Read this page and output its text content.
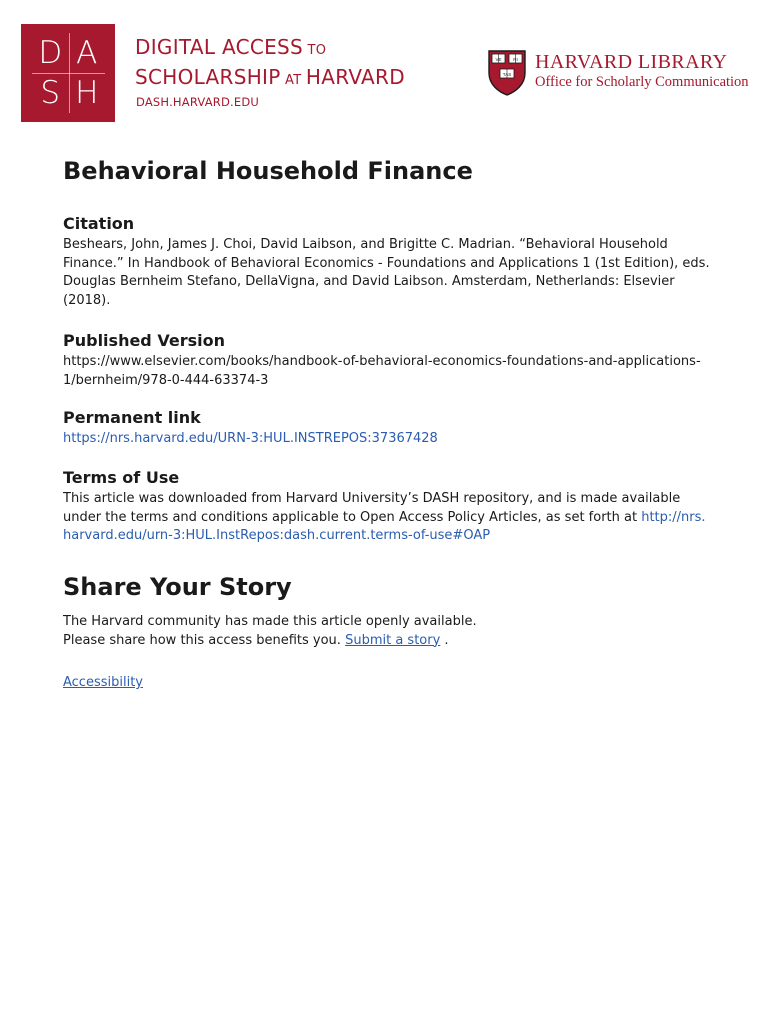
D A
S H
DIGITAL ACCESS TO
SCHOLARSHIP AT HARVARD
DASH.HARVARD.EDU
VE	RI
TAS
HARVARD LIBRARY
Office for Scholarly Communication
Behavioral Household Finance
Citation

Beshears, John, James J. Choi, David Laibson, and Brigitte C. Madrian. “Behavioral Household Finance.” In Handbook of Behavioral Economics - Foundations and Applications 1 (1st Edition), eds. Douglas Bernheim Stefano, DellaVigna, and David Laibson. Amsterdam, Netherlands: Elsevier (2018).

Published Version

https://www.elsevier.com/books/handbook-of-behavioral-economics-foundations-and-applications-1/bernheim/978-0-444-63374-3

Permanent link

https://nrs.harvard.edu/URN-3:HUL.INSTREPOS:37367428

Terms of Use

This article was downloaded from Harvard University’s DASH repository, and is made available under the terms and conditions applicable to Open Access Policy Articles, as set forth at http://nrs.harvard.edu/urn-3:HUL.InstRepos:dash.current.terms-of-use#OAP

Share Your Story

The Harvard community has made this article openly available.

Please share how this access benefits you. Submit a story .

Accessibility
